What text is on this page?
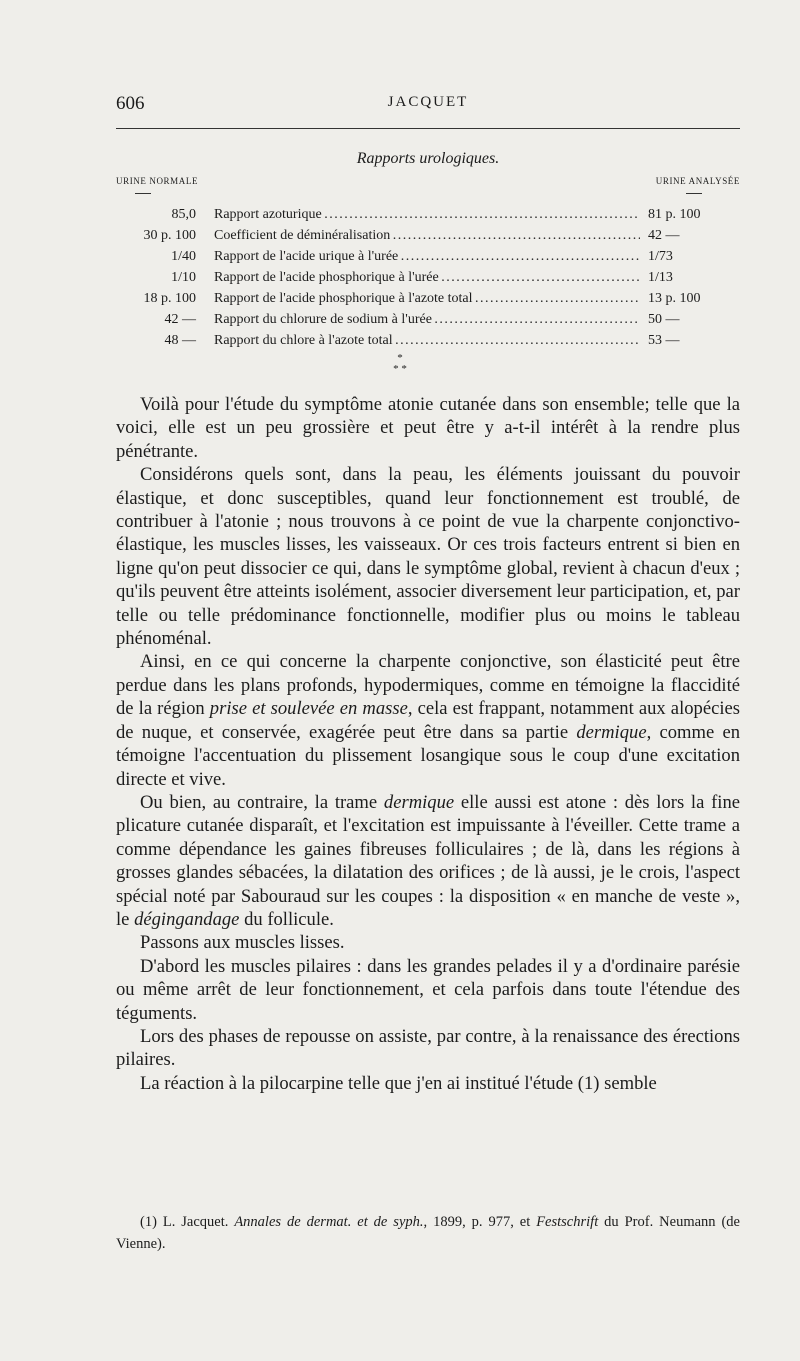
606	JACQUET
Rapports urologiques.
URINE NORMALE	URINE ANALYSÉE
85,0 Rapport azoturique . . .	81 p. 100
30 p. 100 Coefficient de déminéralisation . . .	42 —
1/40 Rapport de l'acide urique à l'urée . . .	1/73
1/10 Rapport de l'acide phosphorique à l'urée . . .	1/13
18 p. 100 Rapport de l'acide phosphorique à l'azote total . . .	13 p. 100
42 — Rapport du chlorure de sodium à l'urée . . .	50 —
48 — Rapport du chlore à l'azote total . . .	53 —
*
* *

Voilà pour l'étude du symptôme atonie cutanée dans son ensemble; telle que la voici, elle est un peu grossière et peut être y a-t-il intérêt à la rendre plus pénétrante.

Considérons quels sont, dans la peau, les éléments jouissant du pouvoir élastique, et donc susceptibles, quand leur fonctionnement est troublé, de contribuer à l'atonie ; nous trouvons à ce point de vue la charpente conjonctivo-élastique, les muscles lisses, les vaisseaux. Or ces trois facteurs entrent si bien en ligne qu'on peut dissocier ce qui, dans le symptôme global, revient à chacun d'eux ; qu'ils peuvent être atteints isolément, associer diversement leur participation, et, par telle ou telle prédominance fonctionnelle, modifier plus ou moins le tableau phénoménal.

Ainsi, en ce qui concerne la charpente conjonctive, son élasticité peut être perdue dans les plans profonds, hypodermiques, comme en témoigne la flaccidité de la région prise et soulevée en masse, cela est frappant, notamment aux alopécies de nuque, et conservée, exagérée peut être dans sa partie dermique, comme en témoigne l'accentuation du plissement losangique sous le coup d'une excitation directe et vive.

Ou bien, au contraire, la trame dermique elle aussi est atone : dès lors la fine plicature cutanée disparaît, et l'excitation est impuissante à l'éveiller. Cette trame a comme dépendance les gaines fibreuses folliculaires ; de là, dans les régions à grosses glandes sébacées, la dilatation des orifices ; de là aussi, je le crois, l'aspect spécial noté par Sabouraud sur les coupes : la disposition « en manche de veste », le dégingandage du follicule.

Passons aux muscles lisses.

D'abord les muscles pilaires : dans les grandes pelades il y a d'ordinaire parésie ou même arrêt de leur fonctionnement, et cela parfois dans toute l'étendue des téguments.

Lors des phases de repousse on assiste, par contre, à la renaissance des érections pilaires.

La réaction à la pilocarpine telle que j'en ai institué l'étude (1) semble

(1) L. Jacquet. Annales de dermat. et de syph., 1899, p. 977, et Festschrift du Prof. Neumann (de Vienne).
